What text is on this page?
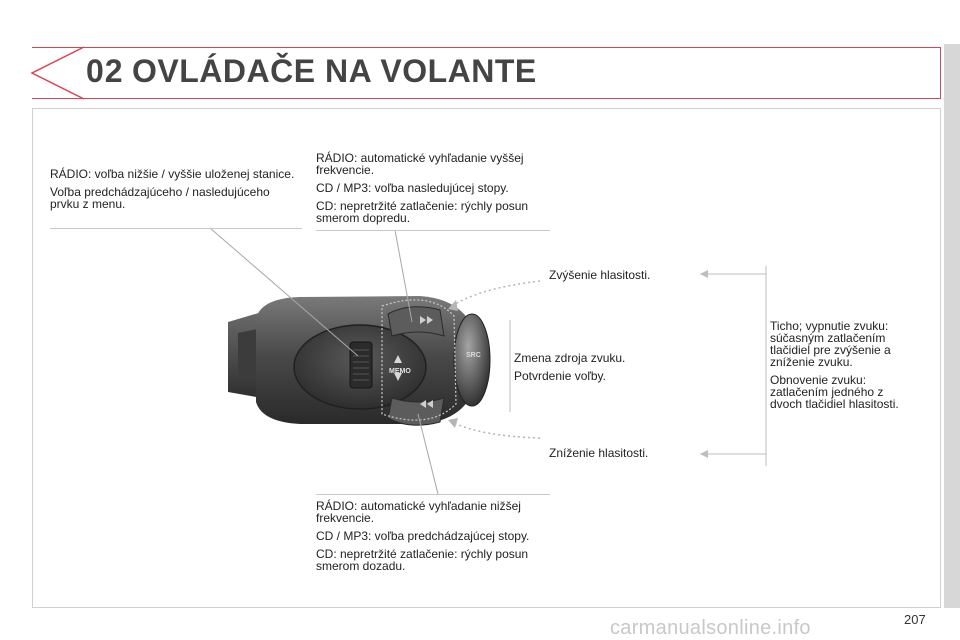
02 OVLÁDAČE NA VOLANTE
MEMO
SRC

RÁDIO: voľba nižšie / vyššie uloženej stanice.

Voľba predchádzajúceho / nasledujúceho prvku z menu.

RÁDIO: automatické vyhľadanie vyššej frekvencie.

CD / MP3: voľba nasledujúcej stopy.

CD: nepretržité zatlačenie: rýchly posun smerom dopredu.

Zvýšenie hlasitosti.

Zmena zdroja zvuku.

Potvrdenie voľby.

Ticho; vypnutie zvuku: súčasným zatlačením tlačidiel pre zvýšenie a zníženie zvuku.

Obnovenie zvuku: zatlačením jedného z dvoch tlačidiel hlasitosti.

Zníženie hlasitosti.

RÁDIO: automatické vyhľadanie nižšej frekvencie.

CD / MP3: voľba predchádzajúcej stopy.

CD: nepretržité zatlačenie: rýchly posun smerom dozadu.

207
carmanualsonline.info
